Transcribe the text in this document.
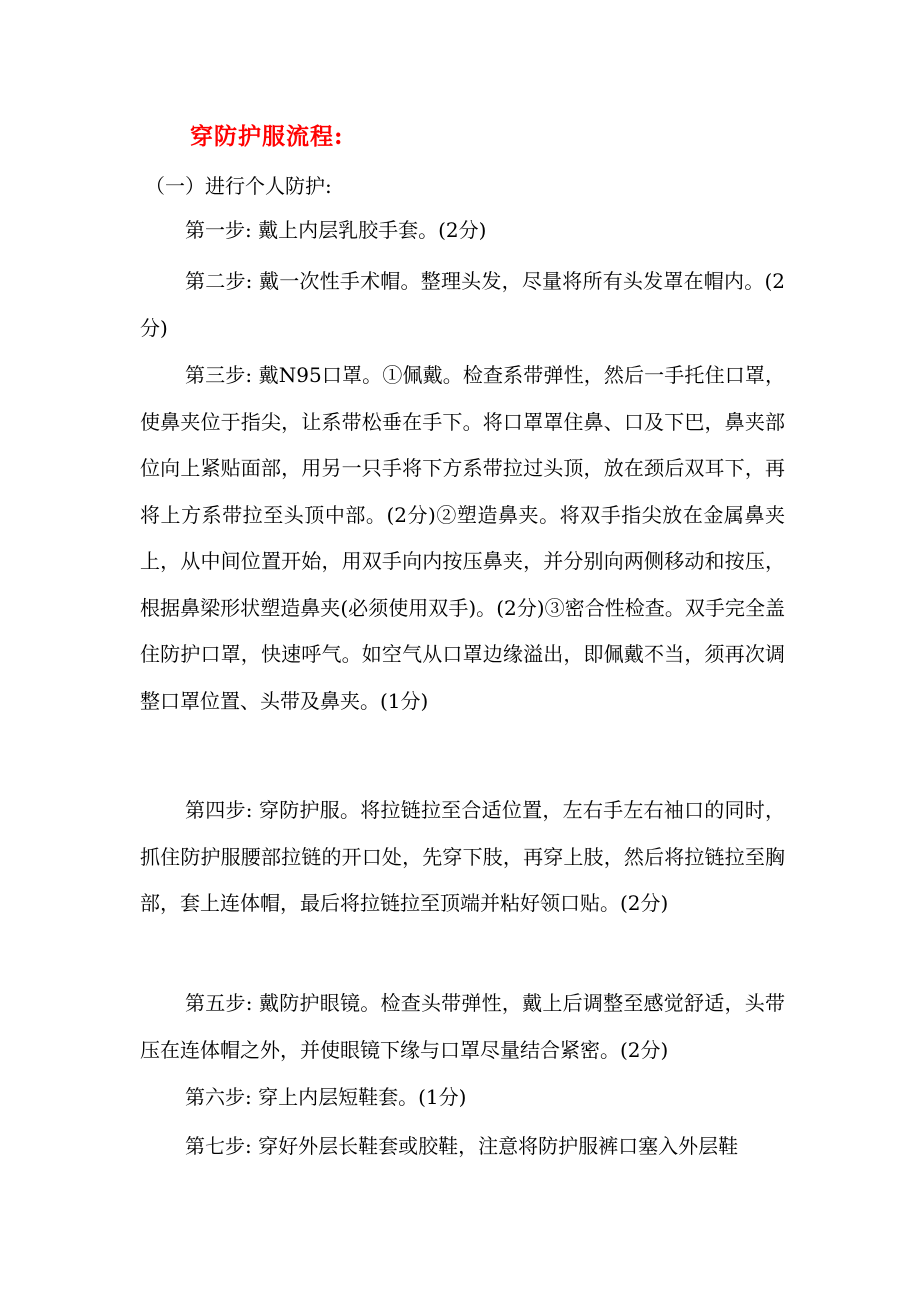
穿防护服流程:

（一）进行个人防护:

第一步: 戴上内层乳胶手套。(2分)

第二步: 戴一次性手术帽。整理头发，尽量将所有头发罩在帽内。(2分)

第三步: 戴N95口罩。①佩戴。检查系带弹性，然后一手托住口罩，使鼻夹位于指尖，让系带松垂在手下。将口罩罩住鼻、口及下巴，鼻夹部位向上紧贴面部，用另一只手将下方系带拉过头顶，放在颈后双耳下，再将上方系带拉至头顶中部。(2分)②塑造鼻夹。将双手指尖放在金属鼻夹上，从中间位置开始，用双手向内按压鼻夹，并分别向两侧移动和按压，根据鼻梁形状塑造鼻夹(必须使用双手)。(2分)③密合性检查。双手完全盖住防护口罩，快速呼气。如空气从口罩边缘溢出，即佩戴不当，须再次调整口罩位置、头带及鼻夹。(1分)

第四步: 穿防护服。将拉链拉至合适位置，左右手左右袖口的同时，抓住防护服腰部拉链的开口处，先穿下肢，再穿上肢，然后将拉链拉至胸部，套上连体帽，最后将拉链拉至顶端并粘好领口贴。(2分)

第五步: 戴防护眼镜。检查头带弹性，戴上后调整至感觉舒适，头带压在连体帽之外，并使眼镜下缘与口罩尽量结合紧密。(2分)

第六步: 穿上内层短鞋套。(1分)

第七步: 穿好外层长鞋套或胶鞋，注意将防护服裤口塞入外层鞋
